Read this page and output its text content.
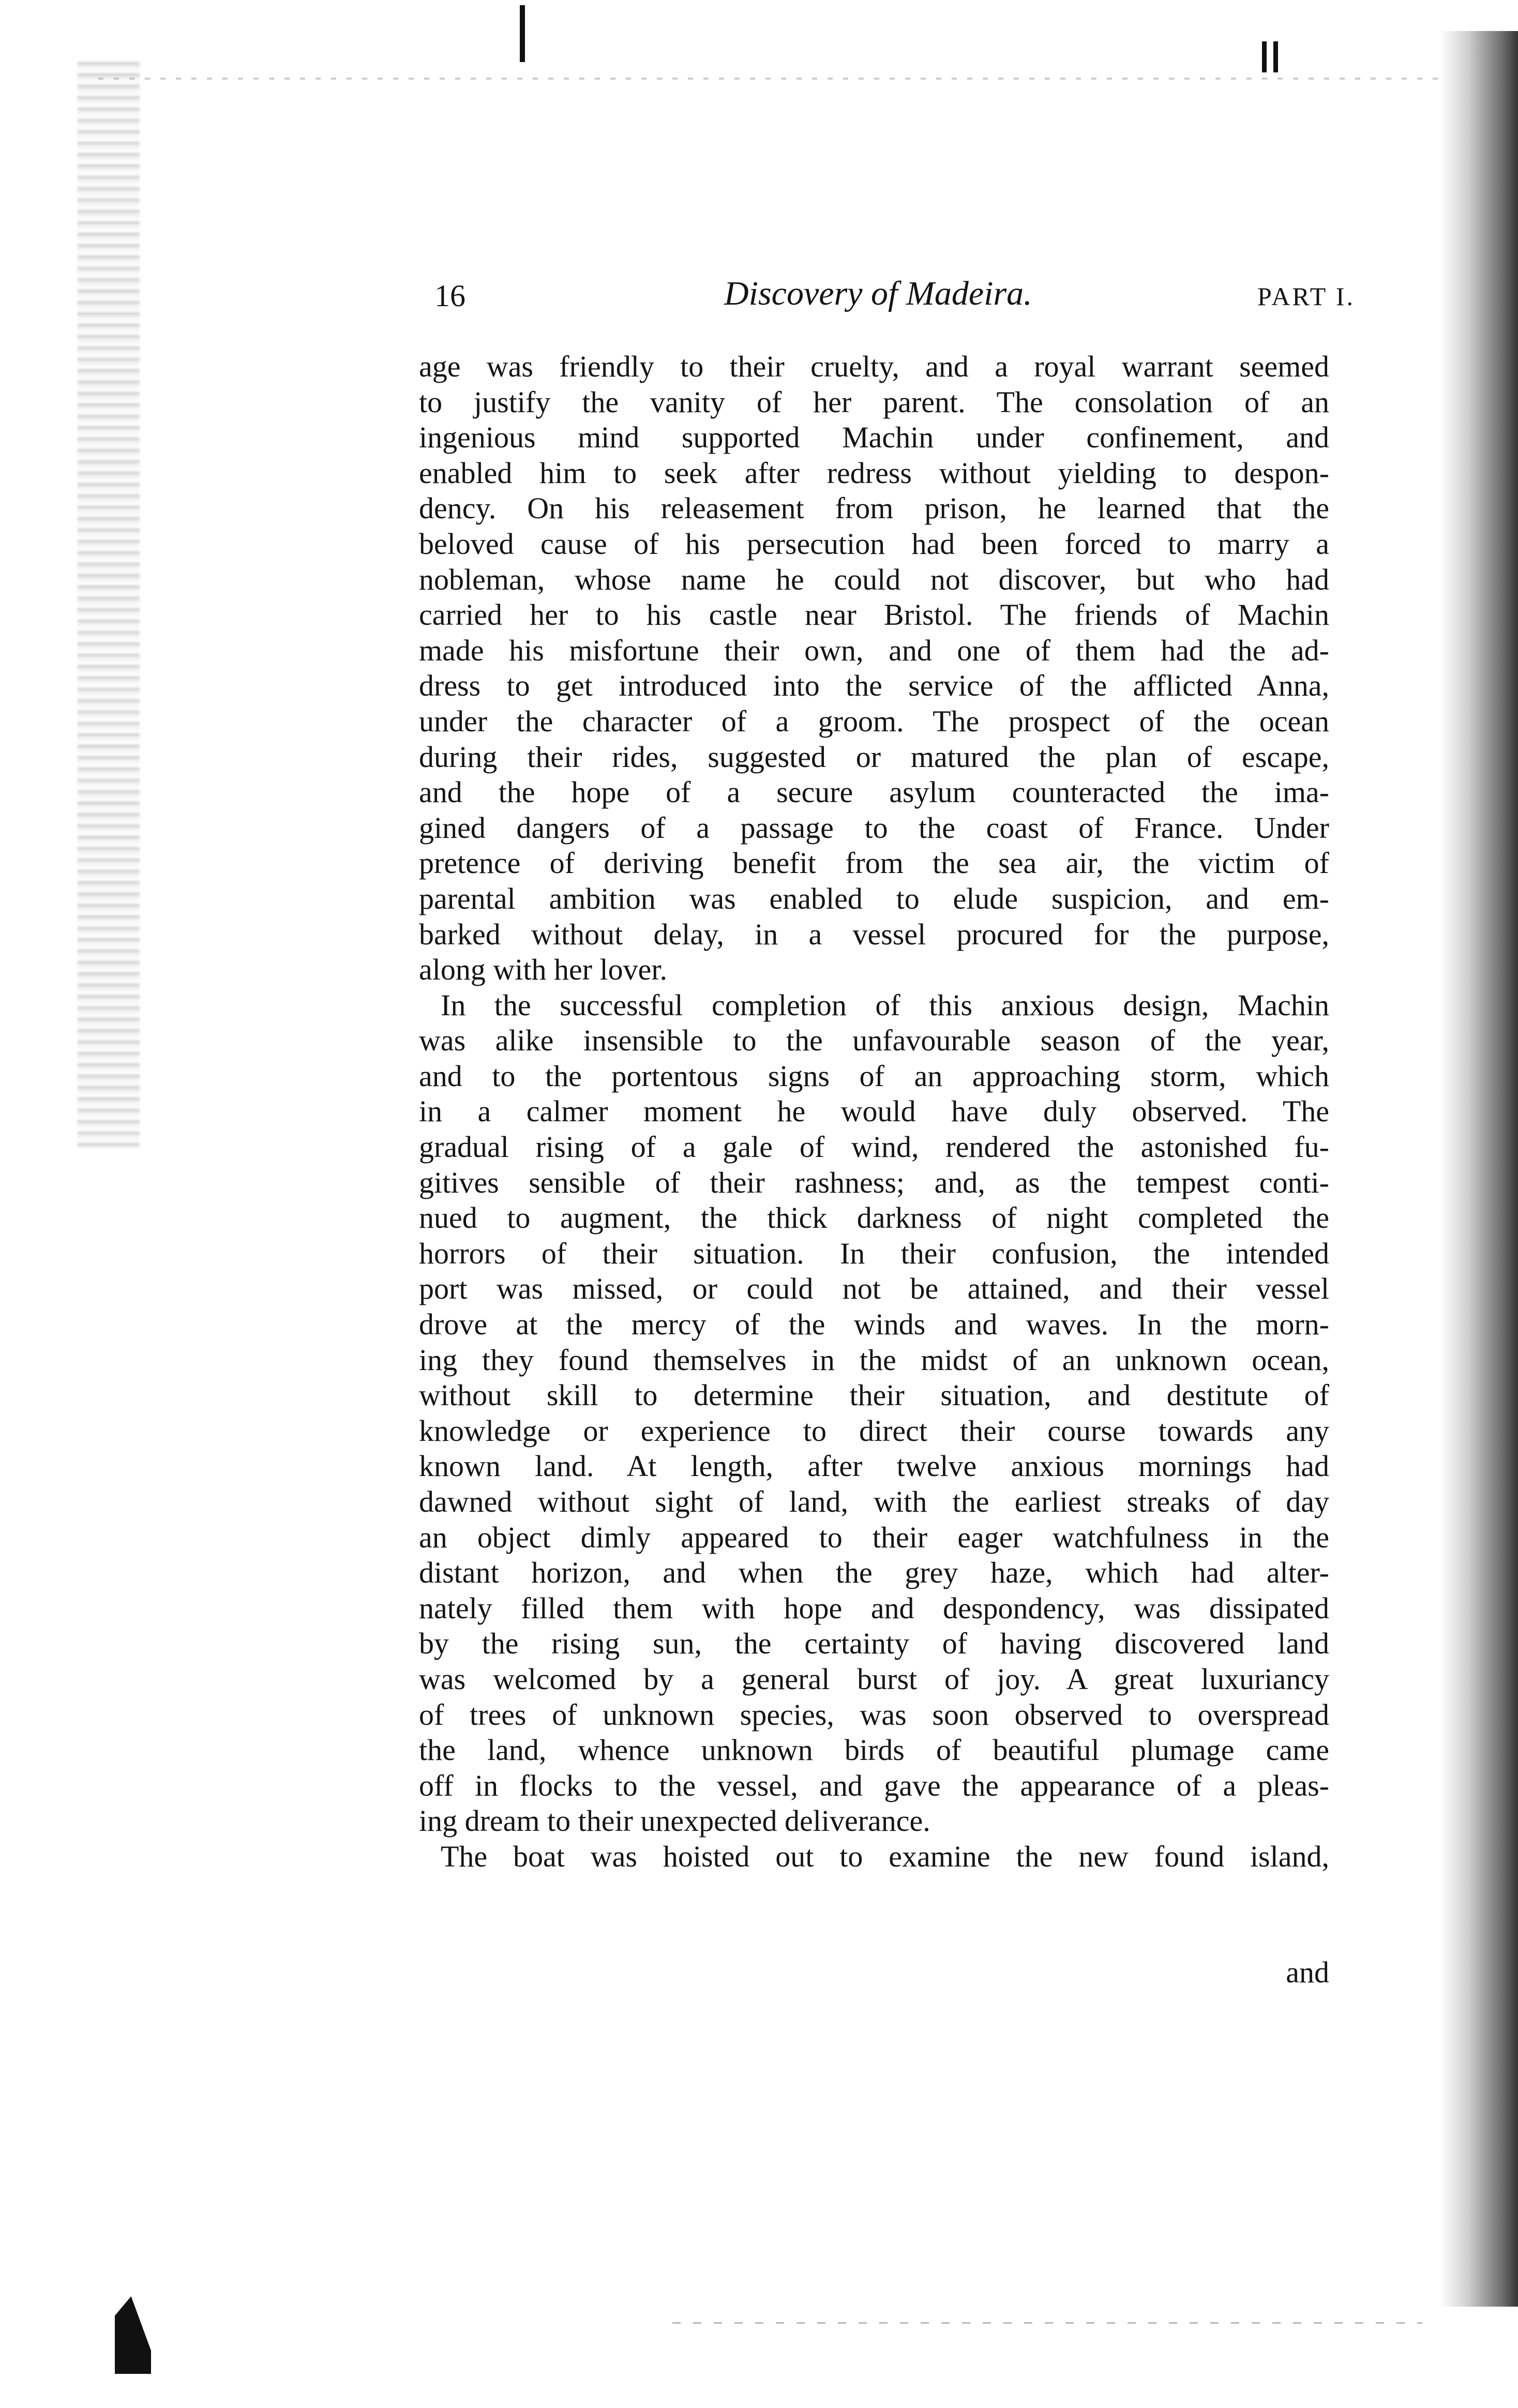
16	Discovery of Madeira.	PART I.
age was friendly to their cruelty, and a royal warrant seemed
to justify the vanity of her parent. The consolation of an
ingenious mind supported Machin under confinement, and
enabled him to seek after redress without yielding to despon-
dency. On his releasement from prison, he learned that the
beloved cause of his persecution had been forced to marry a
nobleman, whose name he could not discover, but who had
carried her to his castle near Bristol. The friends of Machin
made his misfortune their own, and one of them had the ad-
dress to get introduced into the service of the afflicted Anna,
under the character of a groom. The prospect of the ocean
during their rides, suggested or matured the plan of escape,
and the hope of a secure asylum counteracted the ima-
gined dangers of a passage to the coast of France. Under
pretence of deriving benefit from the sea air, the victim of
parental ambition was enabled to elude suspicion, and em-
barked without delay, in a vessel procured for the purpose,
along with her lover.
In the successful completion of this anxious design, Machin
was alike insensible to the unfavourable season of the year,
and to the portentous signs of an approaching storm, which
in a calmer moment he would have duly observed. The
gradual rising of a gale of wind, rendered the astonished fu-
gitives sensible of their rashness; and, as the tempest conti-
nued to augment, the thick darkness of night completed the
horrors of their situation. In their confusion, the intended
port was missed, or could not be attained, and their vessel
drove at the mercy of the winds and waves. In the morn-
ing they found themselves in the midst of an unknown ocean,
without skill to determine their situation, and destitute of
knowledge or experience to direct their course towards any
known land. At length, after twelve anxious mornings had
dawned without sight of land, with the earliest streaks of day
an object dimly appeared to their eager watchfulness in the
distant horizon, and when the grey haze, which had alter-
nately filled them with hope and despondency, was dissipated
by the rising sun, the certainty of having discovered land
was welcomed by a general burst of joy. A great luxuriancy
of trees of unknown species, was soon observed to overspread
the land, whence unknown birds of beautiful plumage came
off in flocks to the vessel, and gave the appearance of a pleas-
ing dream to their unexpected deliverance.
The boat was hoisted out to examine the new found island,
and
